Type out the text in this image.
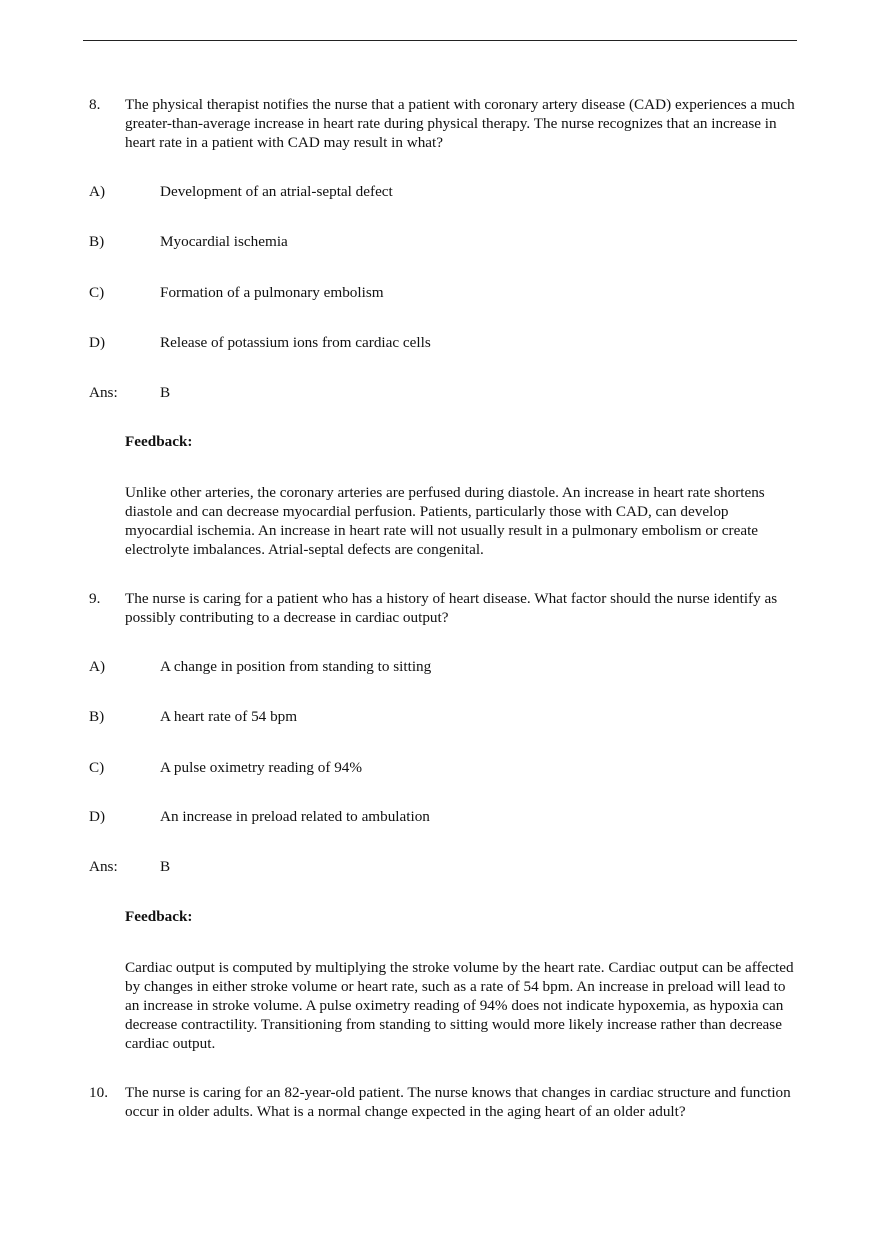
8. The physical therapist notifies the nurse that a patient with coronary artery disease (CAD) experiences a much greater-than-average increase in heart rate during physical therapy. The nurse recognizes that an increase in heart rate in a patient with CAD may result in what?
A)	Development of an atrial-septal defect
B)	Myocardial ischemia
C)	Formation of a pulmonary embolism
D)	Release of potassium ions from cardiac cells
Ans:	B
Feedback:
Unlike other arteries, the coronary arteries are perfused during diastole. An increase in heart rate shortens diastole and can decrease myocardial perfusion. Patients, particularly those with CAD, can develop myocardial ischemia. An increase in heart rate will not usually result in a pulmonary embolism or create electrolyte imbalances. Atrial-septal defects are congenital.
9. The nurse is caring for a patient who has a history of heart disease. What factor should the nurse identify as possibly contributing to a decrease in cardiac output?
A)	A change in position from standing to sitting
B)	A heart rate of 54 bpm
C)	A pulse oximetry reading of 94%
D)	An increase in preload related to ambulation
Ans:	B
Feedback:
Cardiac output is computed by multiplying the stroke volume by the heart rate. Cardiac output can be affected by changes in either stroke volume or heart rate, such as a rate of 54 bpm. An increase in preload will lead to an increase in stroke volume. A pulse oximetry reading of 94% does not indicate hypoxemia, as hypoxia can decrease contractility. Transitioning from standing to sitting would more likely increase rather than decrease cardiac output.
10. The nurse is caring for an 82-year-old patient. The nurse knows that changes in cardiac structure and function occur in older adults. What is a normal change expected in the aging heart of an older adult?
